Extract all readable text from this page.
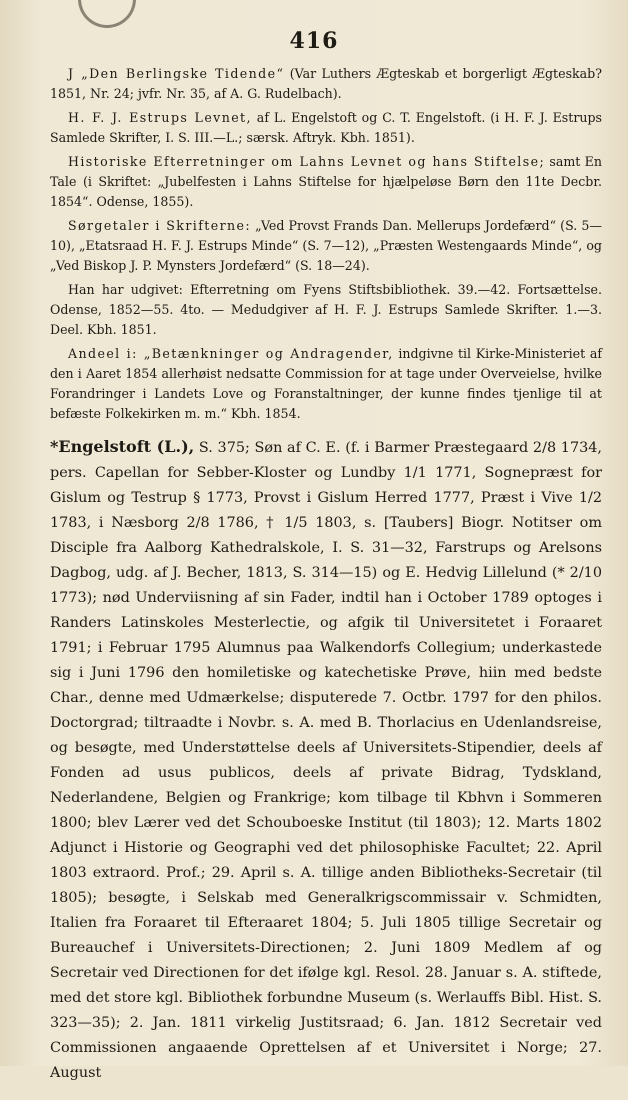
416

J „Den Berlingske Tidende“ (Var Luthers Ægteskab et borgerligt Ægteskab? 1851, Nr. 24; jvfr. Nr. 35, af A. G. Rudelbach).

H. F. J. Estrups Levnet, af L. Engelstoft og C. T. Engelstoft. (i H. F. J. Estrups Samlede Skrifter, I. S. III.—L.; særsk. Aftryk. Kbh. 1851).

Historiske Efterretninger om Lahns Levnet og hans Stiftelse; samt En Tale (i Skriftet: „Jubelfesten i Lahns Stiftelse for hjælpeløse Børn den 11te Decbr. 1854“. Odense, 1855).

Sørgetaler i Skrifterne: „Ved Provst Frands Dan. Mellerups Jordefærd“ (S. 5—10), „Etatsraad H. F. J. Estrups Minde“ (S. 7—12), „Præsten Westengaards Minde“, og „Ved Biskop J. P. Mynsters Jordefærd“ (S. 18—24).

Han har udgivet: Efterretning om Fyens Stiftsbibliothek. 39.—42. Fortsættelse. Odense, 1852—55. 4to. — Medudgiver af H. F. J. Estrups Samlede Skrifter. 1.—3. Deel. Kbh. 1851.

Andeel i: „Betænkninger og Andragender, indgivne til Kirke-Ministeriet af den i Aaret 1854 allerhøist nedsatte Commission for at tage under Overveielse, hvilke Forandringer i Landets Love og Foranstaltninger, der kunne findes tjenlige til at befæste Folkekirken m. m.“ Kbh. 1854.

*Engelstoft (L.), S. 375; Søn af C. E. (f. i Barmer Præstegaard 2/8 1734, pers. Capellan for Sebber-Kloster og Lundby 1/1 1771, Sognepræst for Gislum og Testrup § 1773, Provst i Gislum Herred 1777, Præst i Vive 1/2 1783, i Næsborg 2/8 1786, † 1/5 1803, s. [Taubers] Biogr. Notitser om Disciple fra Aalborg Kathedralskole, I. S. 31—32, Farstrups og Arelsons Dagbog, udg. af J. Becher, 1813, S. 314—15) og E. Hedvig Lillelund (* 2/10 1773); nød Underviisning af sin Fader, indtil han i October 1789 optoges i Randers Latinskoles Mesterlectie, og afgik til Universitetet i Foraaret 1791; i Februar 1795 Alumnus paa Walkendorfs Collegium; underkastede sig i Juni 1796 den homiletiske og katechetiske Prøve, hiin med bedste Char., denne med Udmærkelse; disputerede 7. Octbr. 1797 for den philos. Doctorgrad; tiltraadte i Novbr. s. A. med B. Thorlacius en Udenlandsreise, og besøgte, med Understøttelse deels af Universitets-Stipendier, deels af Fonden ad usus publicos, deels af private Bidrag, Tydskland, Nederlandene, Belgien og Frankrige; kom tilbage til Kbhvn i Sommeren 1800; blev Lærer ved det Schouboeske Institut (til 1803); 12. Marts 1802 Adjunct i Historie og Geographi ved det philosophiske Facultet; 22. April 1803 extraord. Prof.; 29. April s. A. tillige anden Bibliotheks-Secretair (til 1805); besøgte, i Selskab med Generalkrigscommissair v. Schmidten, Italien fra Foraaret til Efteraaret 1804; 5. Juli 1805 tillige Secretair og Bureauchef i Universitets-Directionen; 2. Juni 1809 Medlem af og Secretair ved Directionen for det ifølge kgl. Resol. 28. Januar s. A. stiftede, med det store kgl. Bibliothek forbundne Museum (s. Werlauffs Bibl. Hist. S. 323—35); 2. Jan. 1811 virkelig Justitsraad; 6. Jan. 1812 Secretair ved Commissionen angaaende Oprettelsen af et Universitet i Norge; 27. August
